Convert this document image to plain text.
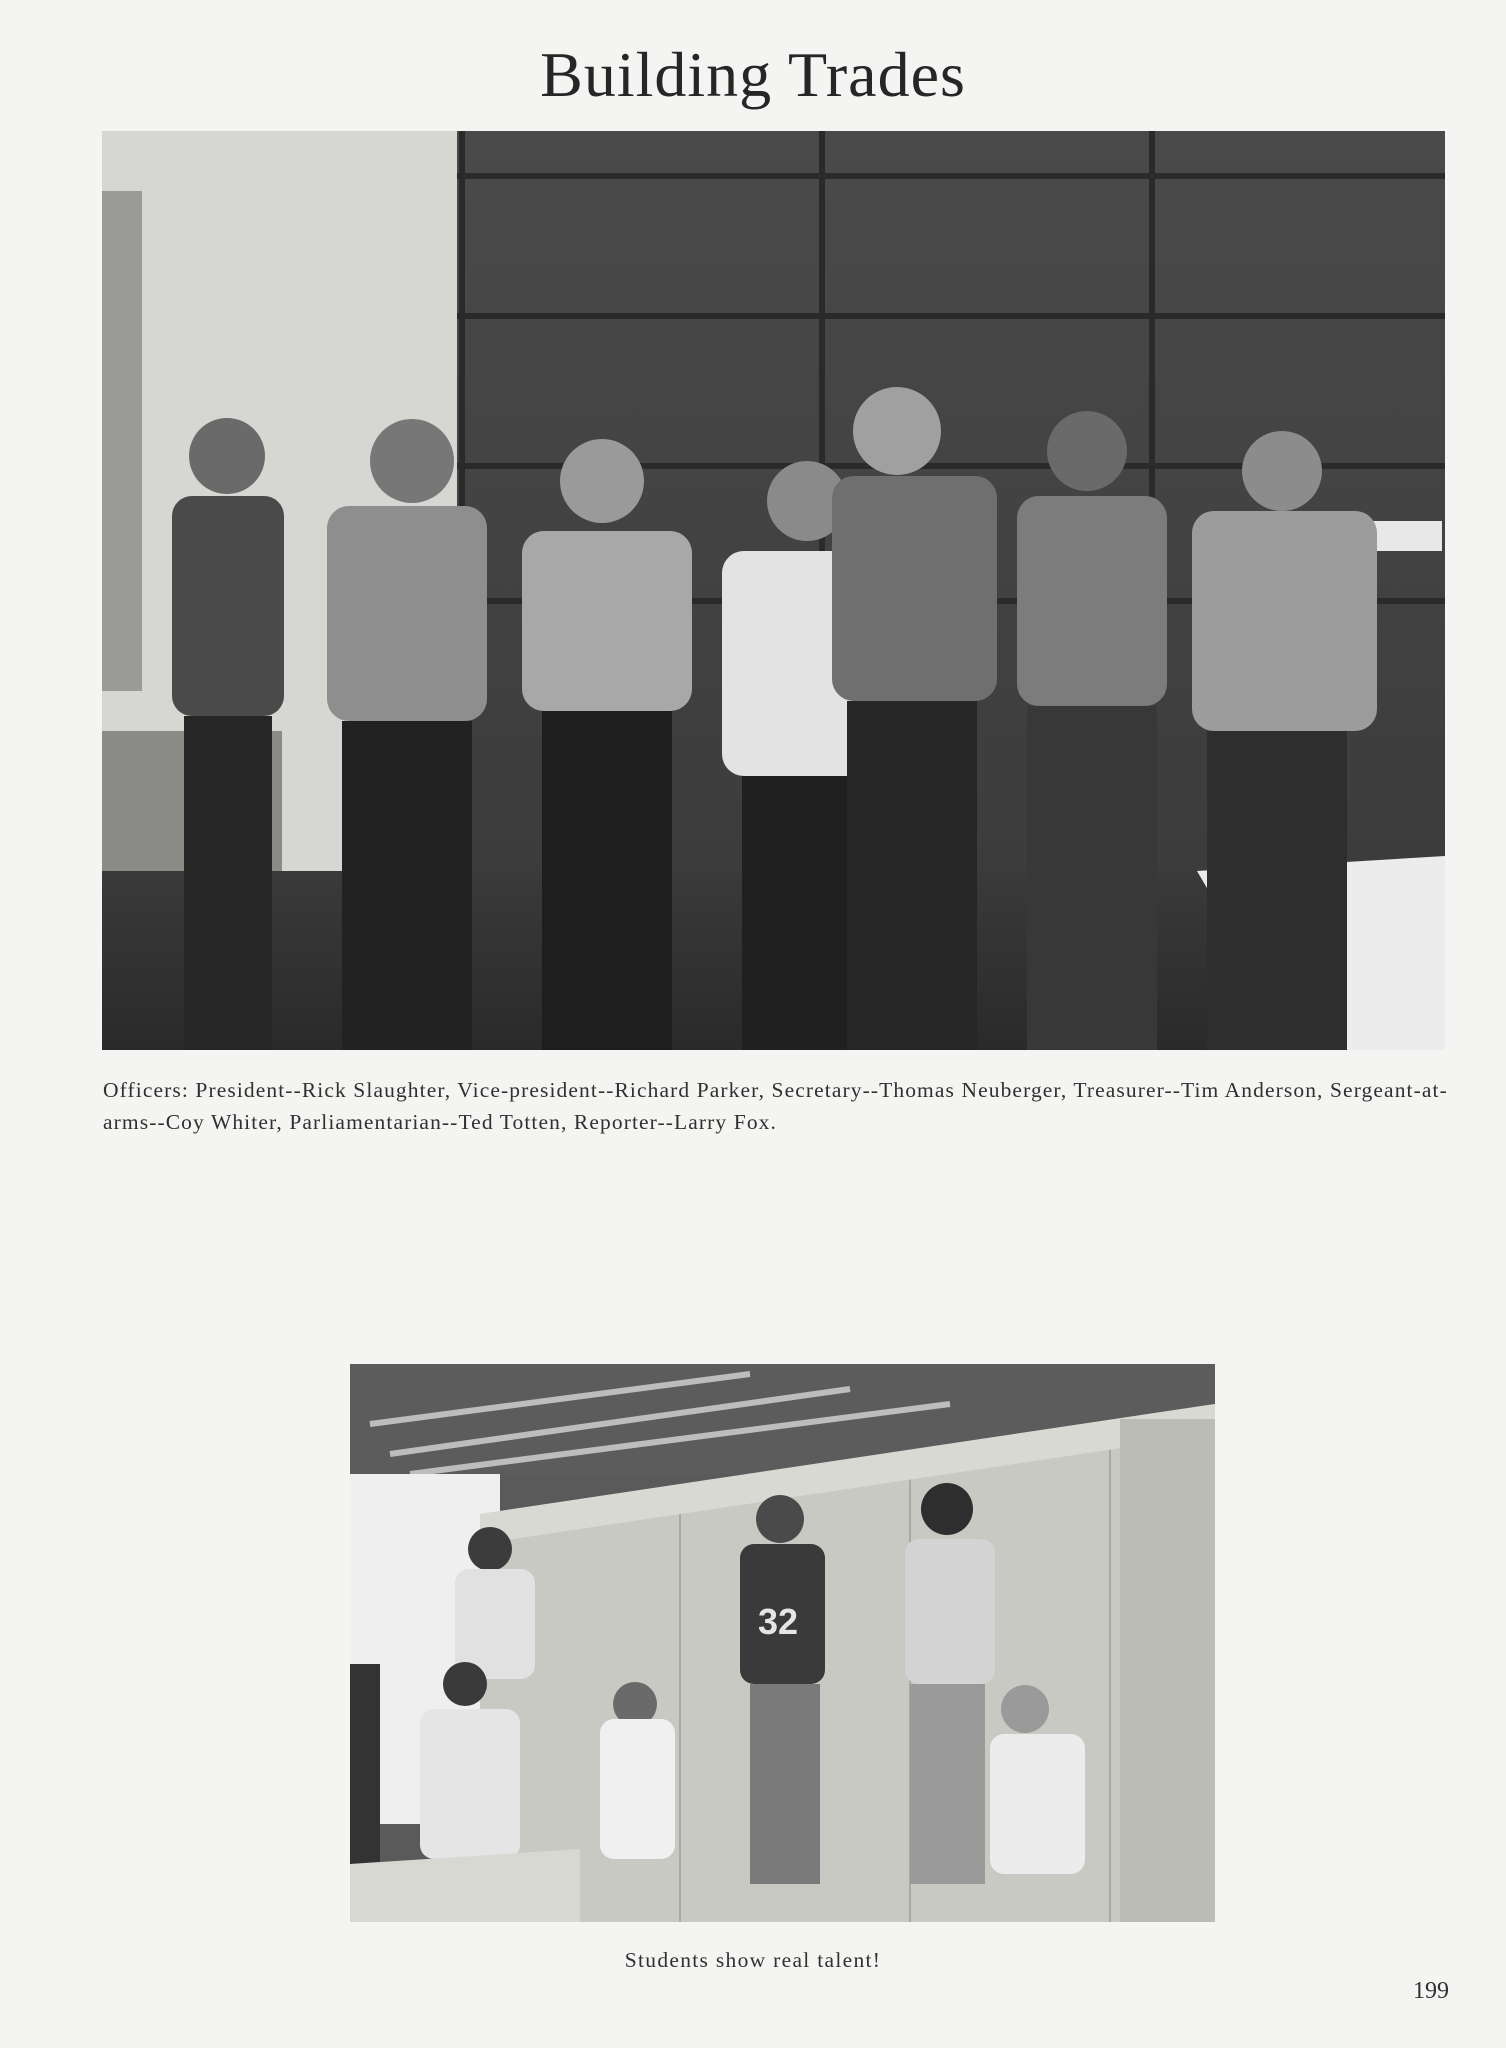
Building Trades

Officers: President--Rick Slaughter, Vice-president--Richard Parker, Secretary--Thomas Neuberger, Treasurer--Tim Anderson, Sergeant-at-arms--Coy Whiter, Parliamentarian--Ted Totten, Reporter--Larry Fox.

32
Students show real talent!
199
